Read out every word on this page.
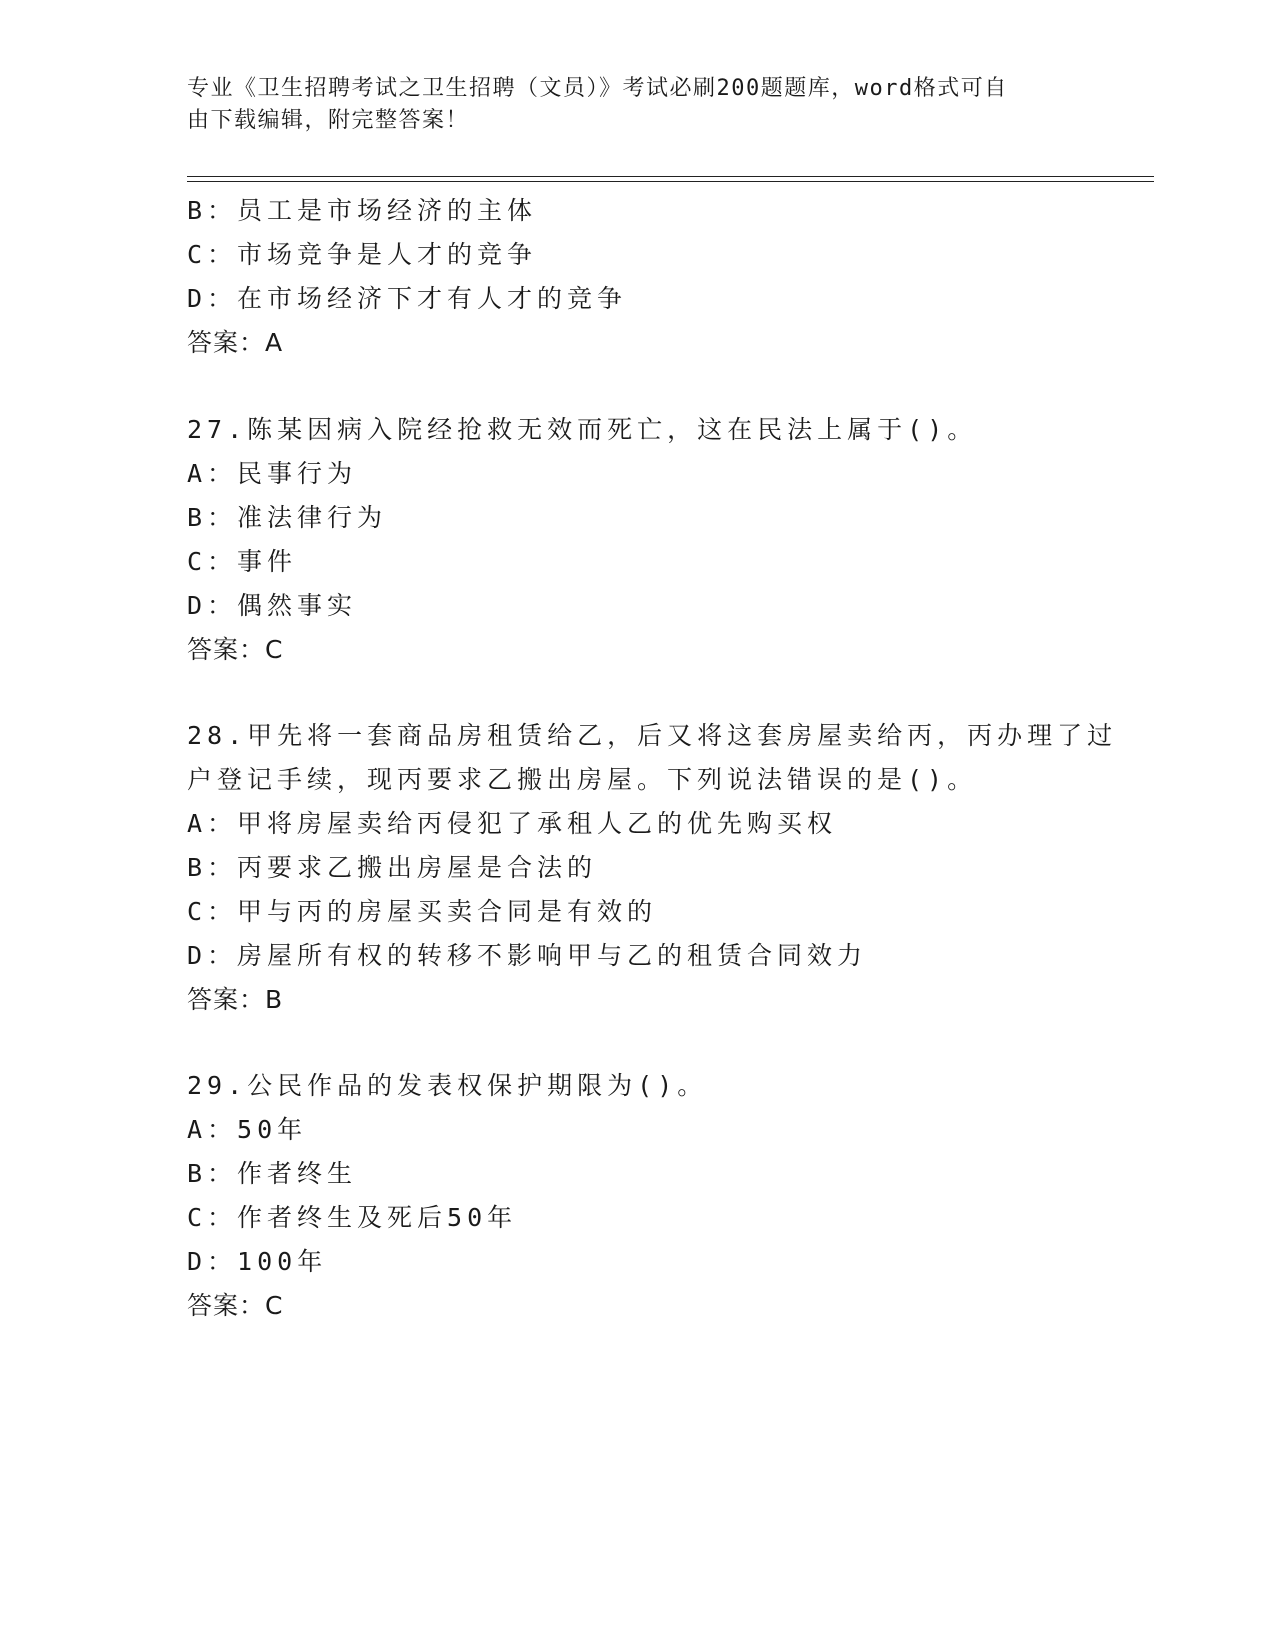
专业《卫生招聘考试之卫生招聘（文员）》考试必刷200题题库，word格式可自
由下载编辑，附完整答案！
B：员工是市场经济的主体
C：市场竞争是人才的竞争
D：在市场经济下才有人才的竞争
答案：A
27.陈某因病入院经抢救无效而死亡，这在民法上属于()。
A：民事行为
B：准法律行为
C：事件
D：偶然事实
答案：C
28.甲先将一套商品房租赁给乙，后又将这套房屋卖给丙，丙办理了过
户登记手续，现丙要求乙搬出房屋。下列说法错误的是()。
A：甲将房屋卖给丙侵犯了承租人乙的优先购买权
B：丙要求乙搬出房屋是合法的
C：甲与丙的房屋买卖合同是有效的
D：房屋所有权的转移不影响甲与乙的租赁合同效力
答案：B
29.公民作品的发表权保护期限为()。
A：50年
B：作者终生
C：作者终生及死后50年
D：100年
答案：C
